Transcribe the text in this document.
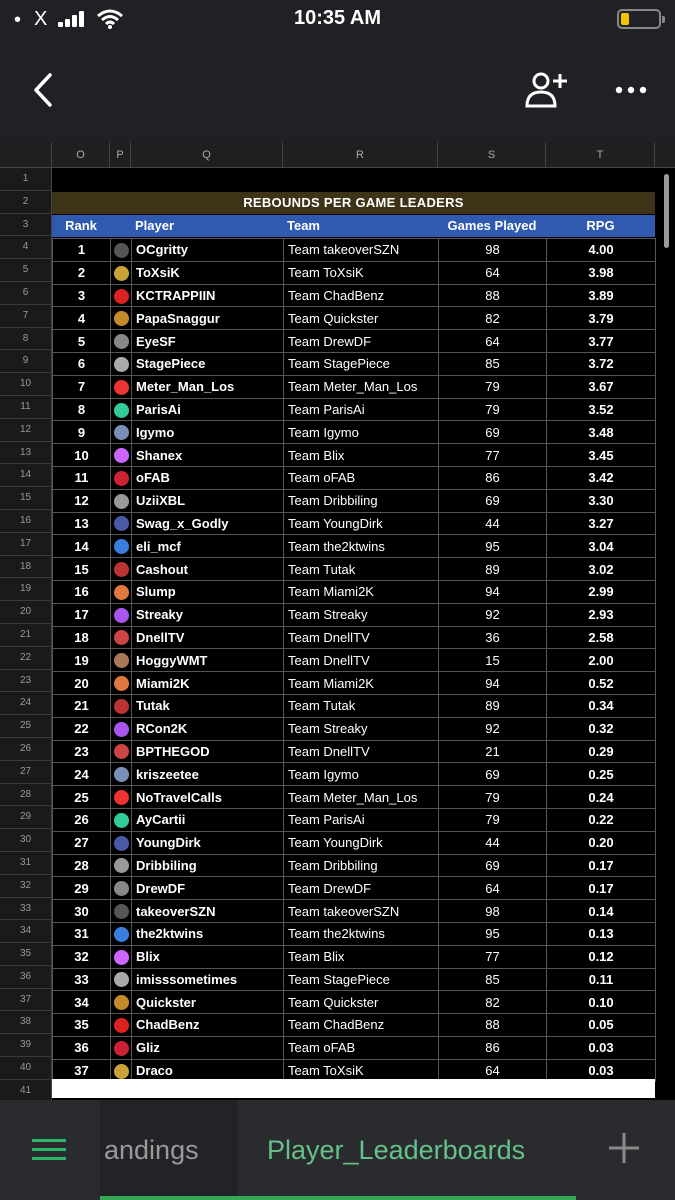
• X	10:35 AM
O	P	Q	R	S	T
1
2
3
4
5
6
7
8
9
10
11
12
13
14
15
16
17
18
19
20
21
22
23
24
25
26
27
28
29
30
31
32
33
34
35
36
37
38
39
40
41
REBOUNDS PER GAME LEADERS
Rank	Player	Team	Games Played	RPG
1		OCgritty	Team takeoverSZN	98	4.00
2		ToXsiK	Team ToXsiK	64	3.98
3		KCTRAPPIIN	Team ChadBenz	88	3.89
4		PapaSnaggur	Team Quickster	82	3.79
5		EyeSF	Team DrewDF	64	3.77
6		StagePiece	Team StagePiece	85	3.72
7		Meter_Man_Los	Team Meter_Man_Los	79	3.67
8		ParisAi	Team ParisAi	79	3.52
9		Igymo	Team Igymo	69	3.48
10		Shanex	Team Blix	77	3.45
11		oFAB	Team oFAB	86	3.42
12		UziiXBL	Team Dribbiling	69	3.30
13		Swag_x_Godly	Team YoungDirk	44	3.27
14		eli_mcf	Team the2ktwins	95	3.04
15		Cashout	Team Tutak	89	3.02
16		Slump	Team Miami2K	94	2.99
17		Streaky	Team Streaky	92	2.93
18		DnellTV	Team DnellTV	36	2.58
19		HoggyWMT	Team DnellTV	15	2.00
20		Miami2K	Team Miami2K	94	0.52
21		Tutak	Team Tutak	89	0.34
22		RCon2K	Team Streaky	92	0.32
23		BPTHEGOD	Team DnellTV	21	0.29
24		kriszeetee	Team Igymo	69	0.25
25		NoTravelCalls	Team Meter_Man_Los	79	0.24
26		AyCartii	Team ParisAi	79	0.22
27		YoungDirk	Team YoungDirk	44	0.20
28		Dribbiling	Team Dribbiling	69	0.17
29		DrewDF	Team DrewDF	64	0.17
30		takeoverSZN	Team takeoverSZN	98	0.14
31		the2ktwins	Team the2ktwins	95	0.13
32		Blix	Team Blix	77	0.12
33		imisssometimes	Team StagePiece	85	0.11
34		Quickster	Team Quickster	82	0.10
35		ChadBenz	Team ChadBenz	88	0.05
36		Gliz	Team oFAB	86	0.03
37		Draco	Team ToXsiK	64	0.03
andings	Player_Leaderboards
